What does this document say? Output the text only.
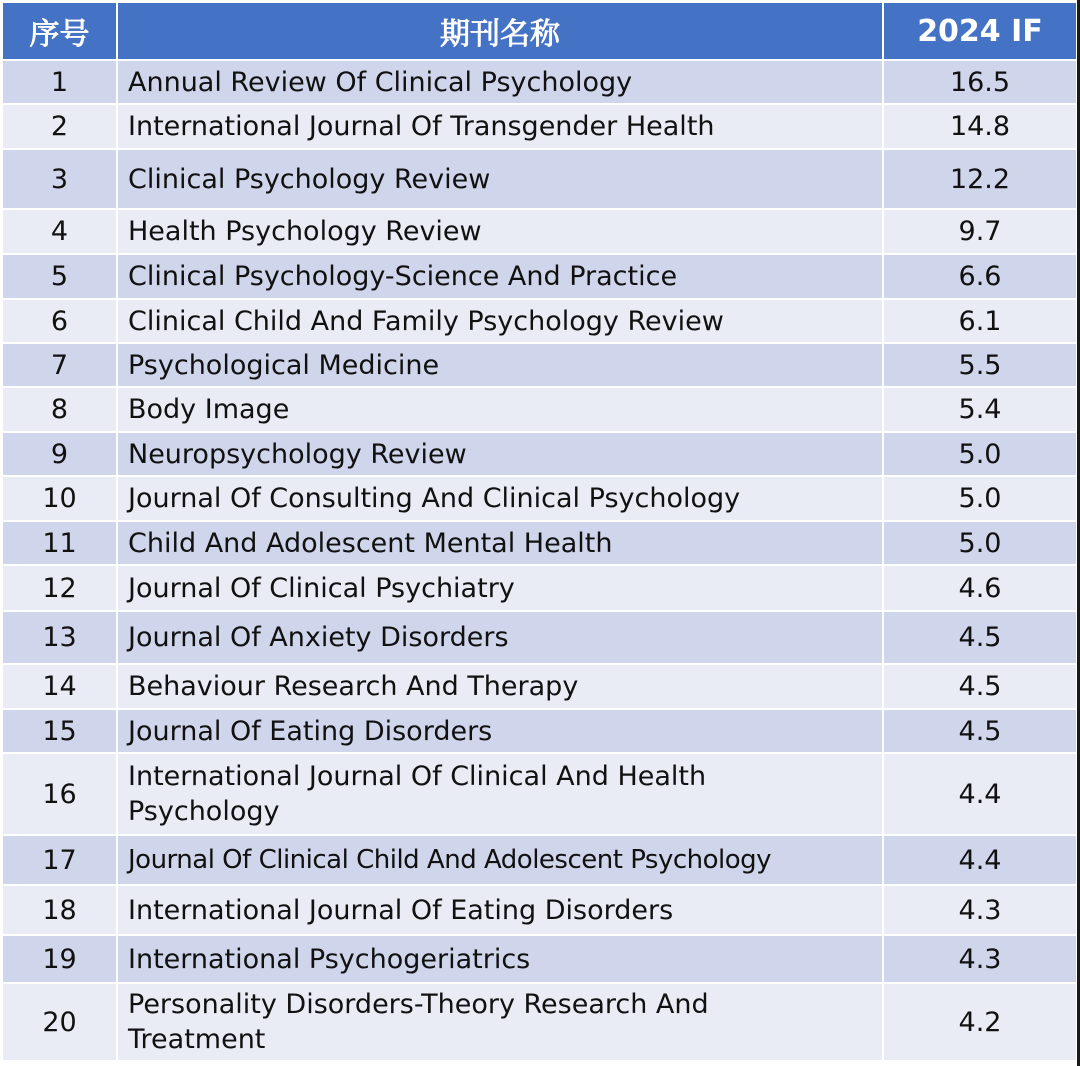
序号	期刊名称	2024 IF
1	Annual Review Of Clinical Psychology	16.5
2	International Journal Of Transgender Health	14.8
3	Clinical Psychology Review	12.2
4	Health Psychology Review	9.7
5	Clinical Psychology-Science And Practice	6.6
6	Clinical Child And Family Psychology Review	6.1
7	Psychological Medicine	5.5
8	Body Image	5.4
9	Neuropsychology Review	5.0
10	Journal Of Consulting And Clinical Psychology	5.0
11	Child And Adolescent Mental Health	5.0
12	Journal Of Clinical Psychiatry	4.6
13	Journal Of Anxiety Disorders	4.5
14	Behaviour Research And Therapy	4.5
15	Journal Of Eating Disorders	4.5
16	International Journal Of Clinical And Health Psychology	4.4
17	Journal Of Clinical Child And Adolescent Psychology	4.4
18	International Journal Of Eating Disorders	4.3
19	International Psychogeriatrics	4.3
20	Personality Disorders-Theory Research And Treatment	4.2
